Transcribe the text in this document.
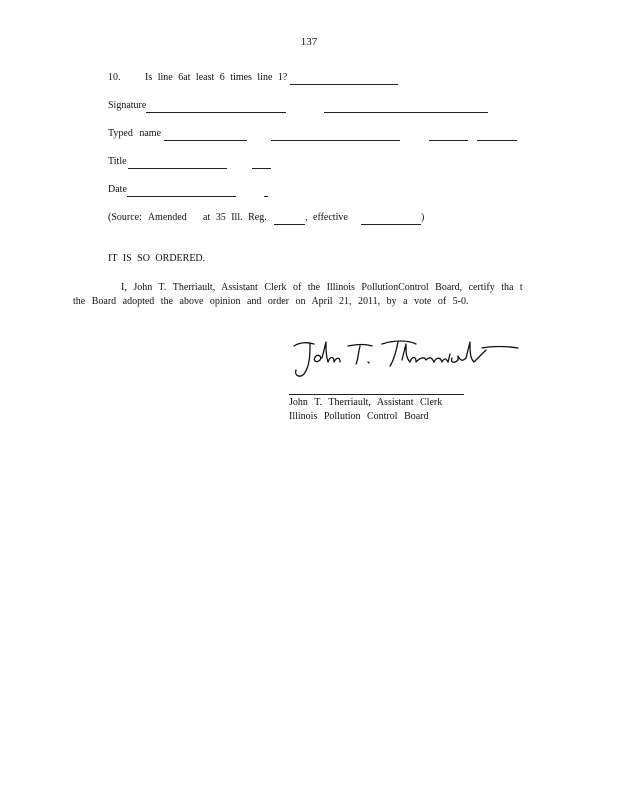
137
10. Is line 6at least 6 times line 1?
Signature
Typed name
Title
Date
(Source: Amended at 35 Ill. Reg.	, effective	)
IT IS SO ORDERED.
I, John T. Therriault, Assistant Clerk of the Illinois PollutionControl Board, certify tha t
the Board adopted the above opinion and order on April 21, 2011, by a vote of 5-0.
John T. Therriault, Assistant Clerk
Illinois Pollution Control Board
